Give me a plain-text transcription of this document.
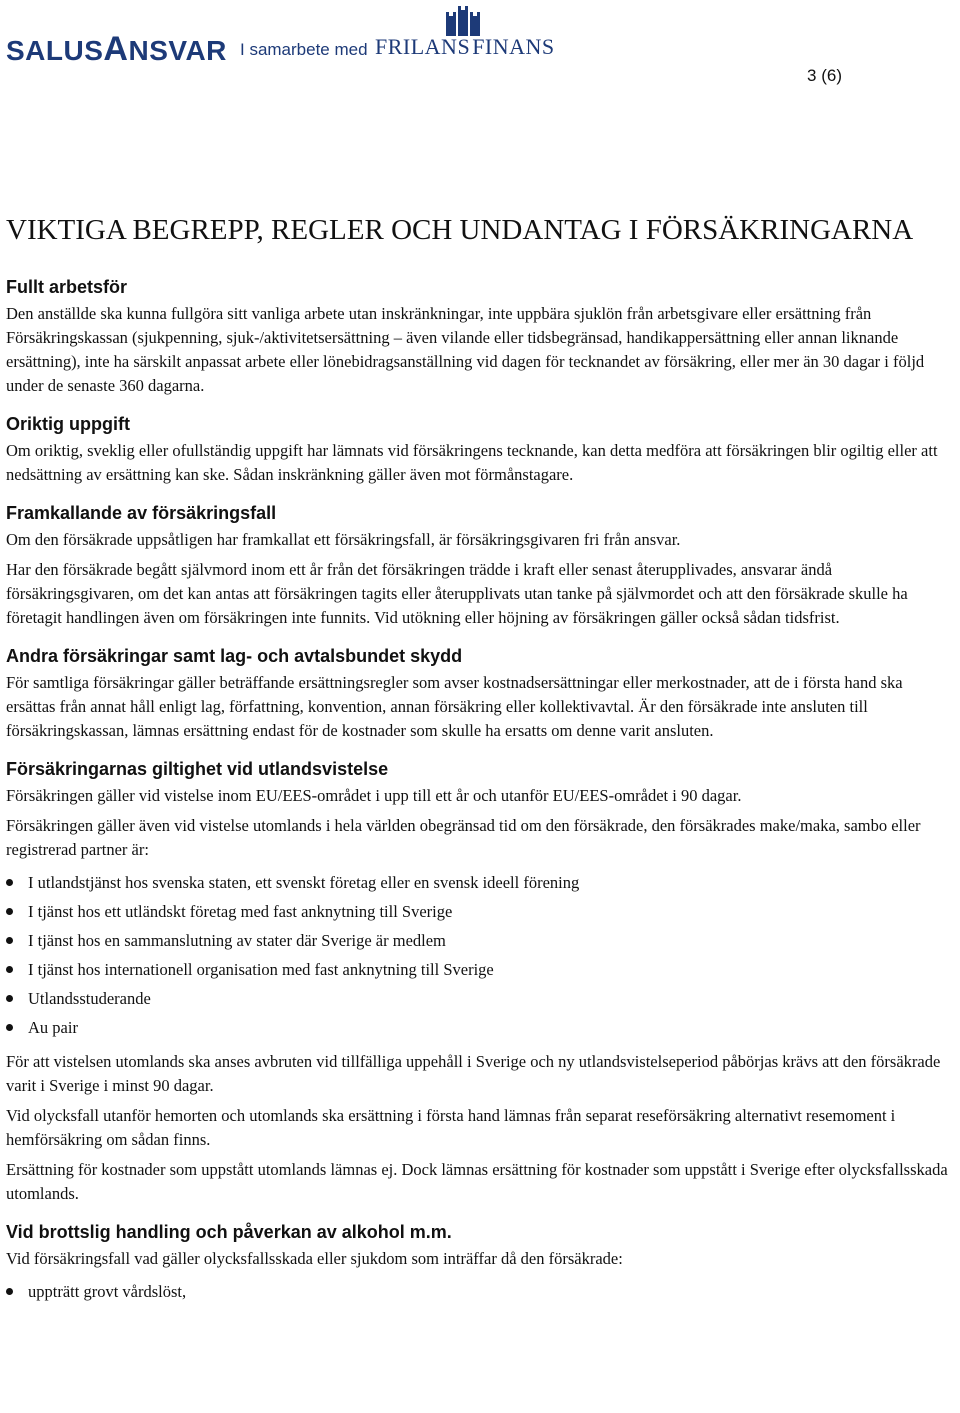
SALUSANSVAR I samarbete med FRILANSFINANS
3 (6)
VIKTIGA BEGREPP, REGLER OCH UNDANTAG I FÖRSÄKRINGARNA
Fullt arbetsför

Den anställde ska kunna fullgöra sitt vanliga arbete utan inskränkningar, inte uppbära sjuklön från arbetsgivare eller ersättning från Försäkringskassan (sjukpenning, sjuk-/aktivitetsersättning – även vilande eller tidsbegränsad, handikappersättning eller annan liknande ersättning), inte ha särskilt anpassat arbete eller lönebidragsanställning vid dagen för tecknandet av försäkring, eller mer än 30 dagar i följd under de senaste 360 dagarna.

Oriktig uppgift

Om oriktig, sveklig eller ofullständig uppgift har lämnats vid försäkringens tecknande, kan detta medföra att försäkringen blir ogiltig eller att nedsättning av ersättning kan ske. Sådan inskränkning gäller även mot förmånstagare.

Framkallande av försäkringsfall

Om den försäkrade uppsåtligen har framkallat ett försäkringsfall, är försäkringsgivaren fri från ansvar.

Har den försäkrade begått självmord inom ett år från det försäkringen trädde i kraft eller senast återupplivades, ansvarar ändå försäkringsgivaren, om det kan antas att försäkringen tagits eller återupplivats utan tanke på självmordet och att den försäkrade skulle ha företagit handlingen även om försäkringen inte funnits. Vid utökning eller höjning av försäkringen gäller också sådan tidsfrist.

Andra försäkringar samt lag- och avtalsbundet skydd

För samtliga försäkringar gäller beträffande ersättningsregler som avser kostnadsersättningar eller merkostnader, att de i första hand ska ersättas från annat håll enligt lag, författning, konvention, annan försäkring eller kollektivavtal. Är den försäkrade inte ansluten till försäkringskassan, lämnas ersättning endast för de kostnader som skulle ha ersatts om denne varit ansluten.

Försäkringarnas giltighet vid utlandsvistelse

Försäkringen gäller vid vistelse inom EU/EES-området i upp till ett år och utanför EU/EES-området i 90 dagar.

Försäkringen gäller även vid vistelse utomlands i hela världen obegränsad tid om den försäkrade, den försäkrades make/maka, sambo eller registrerad partner är:

I utlandstjänst hos svenska staten, ett svenskt företag eller en svensk ideell förening
I tjänst hos ett utländskt företag med fast anknytning till Sverige
I tjänst hos en sammanslutning av stater där Sverige är medlem
I tjänst hos internationell organisation med fast anknytning till Sverige
Utlandsstuderande
Au pair

För att vistelsen utomlands ska anses avbruten vid tillfälliga uppehåll i Sverige och ny utlandsvistelseperiod påbörjas krävs att den försäkrade varit i Sverige i minst 90 dagar.

Vid olycksfall utanför hemorten och utomlands ska ersättning i första hand lämnas från separat reseförsäkring alternativt resemoment i hemförsäkring om sådan finns.

Ersättning för kostnader som uppstått utomlands lämnas ej. Dock lämnas ersättning för kostnader som uppstått i Sverige efter olycksfallsskada utomlands.

Vid brottslig handling och påverkan av alkohol m.m.

Vid försäkringsfall vad gäller olycksfallsskada eller sjukdom som inträffar då den försäkrade:

uppträtt grovt vårdslöst,
